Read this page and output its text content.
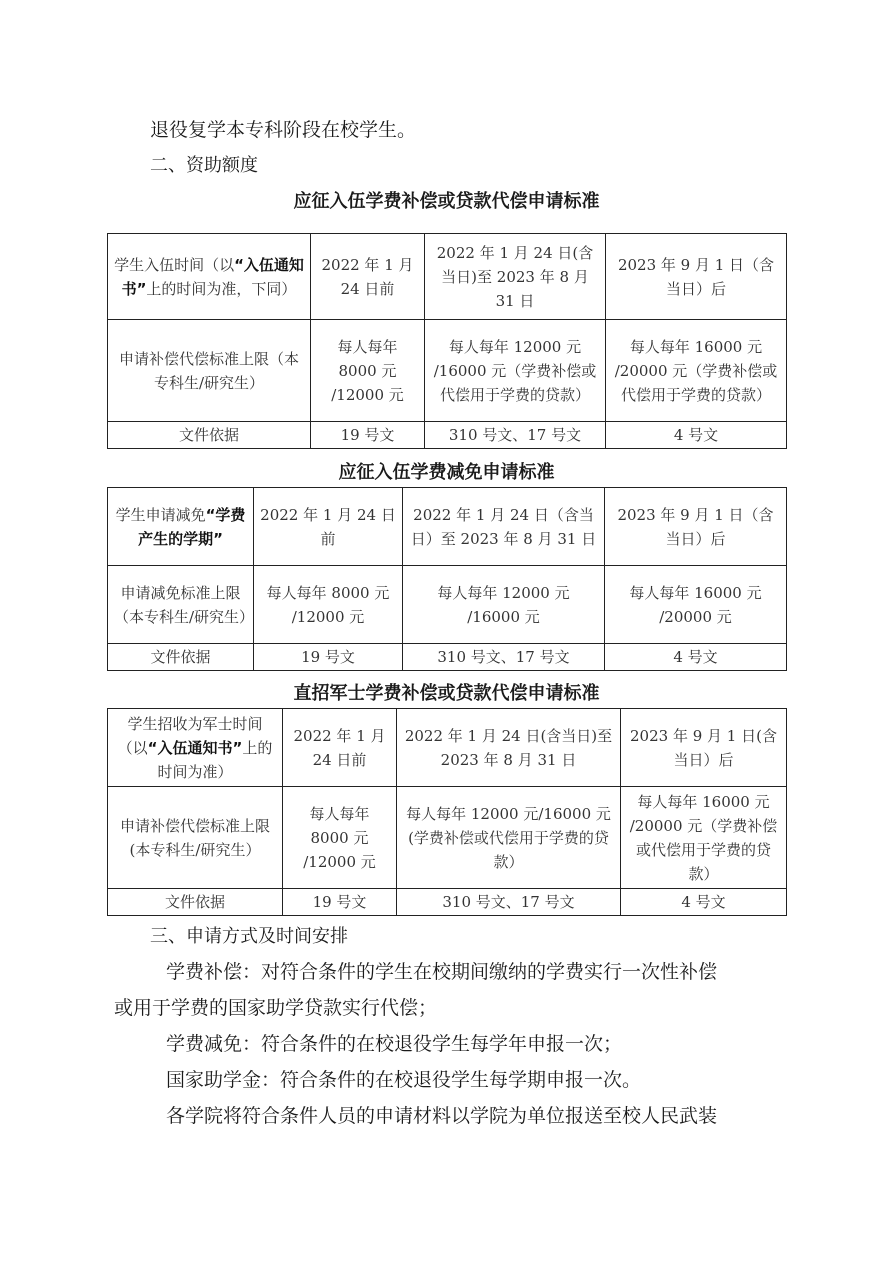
退役复学本专科阶段在校学生。
二、资助额度
应征入伍学费补偿或贷款代偿申请标准
学生入伍时间（以“入伍通知书”上的时间为准，下同）	2022 年 1 月 24 日前	2022 年 1 月 24 日(含当日)至 2023 年 8 月 31 日	2023 年 9 月 1 日（含当日）后
申请补偿代偿标准上限（本专科生/研究生）	每人每年 8000 元 /12000 元	每人每年 12000 元 /16000 元（学费补偿或代偿用于学费的贷款）	每人每年 16000 元 /20000 元（学费补偿或代偿用于学费的贷款）
文件依据	19 号文	310 号文、17 号文	4 号文
应征入伍学费减免申请标准
学生申请减免“学费产生的学期”	2022 年 1 月 24 日前	2022 年 1 月 24 日（含当日）至 2023 年 8 月 31 日	2023 年 9 月 1 日（含当日）后
申请减免标准上限（本专科生/研究生）	每人每年 8000 元 /12000 元	每人每年 12000 元 /16000 元	每人每年 16000 元 /20000 元
文件依据	19 号文	310 号文、17 号文	4 号文
直招军士学费补偿或贷款代偿申请标准
学生招收为军士时间（以“入伍通知书”上的时间为准）	2022 年 1 月 24 日前	2022 年 1 月 24 日(含当日)至 2023 年 8 月 31 日	2023 年 9 月 1 日(含当日）后
申请补偿代偿标准上限(本专科生/研究生）	每人每年 8000 元 /12000 元	每人每年 12000 元/16000 元(学费补偿或代偿用于学费的贷款）	每人每年 16000 元 /20000 元（学费补偿或代偿用于学费的贷款）
文件依据	19 号文	310 号文、17 号文	4 号文
三、申请方式及时间安排
学费补偿：对符合条件的学生在校期间缴纳的学费实行一次性补偿
或用于学费的国家助学贷款实行代偿；
学费减免：符合条件的在校退役学生每学年申报一次；
国家助学金：符合条件的在校退役学生每学期申报一次。
各学院将符合条件人员的申请材料以学院为单位报送至校人民武装
